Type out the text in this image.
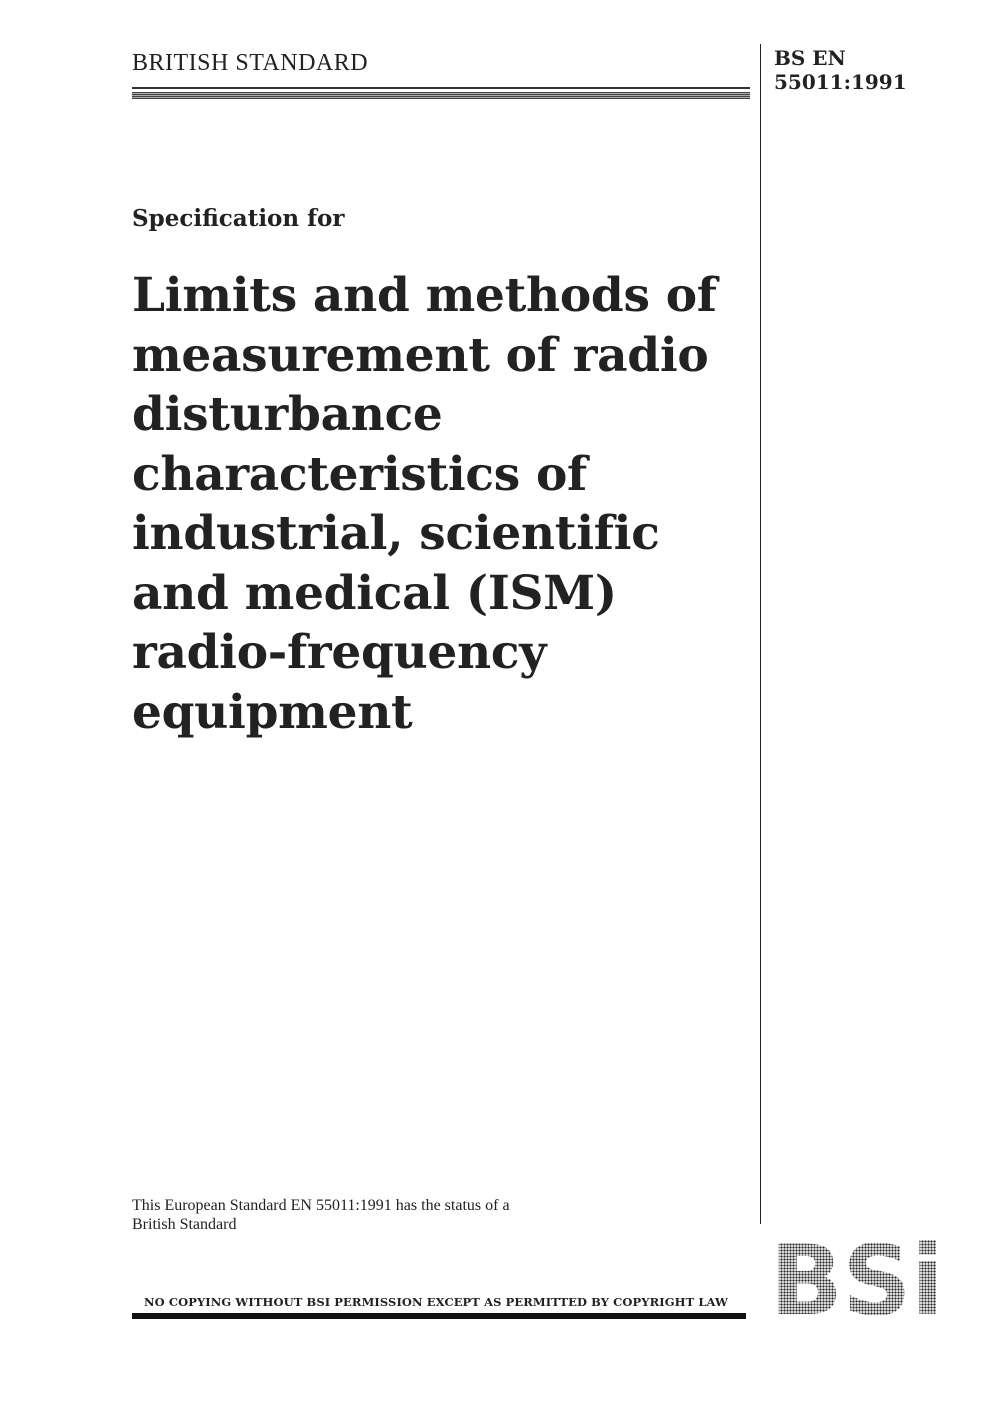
BRITISH STANDARD	BS EN
55011:1991
Specification for
Limits and methods of
measurement of radio
disturbance
characteristics of
industrial, scientific
and medical (ISM)
radio-frequency
equipment
This European Standard EN 55011:1991 has the status of a
British Standard
NO COPYING WITHOUT BSI PERMISSION EXCEPT AS PERMITTED BY COPYRIGHT LAW BSi
